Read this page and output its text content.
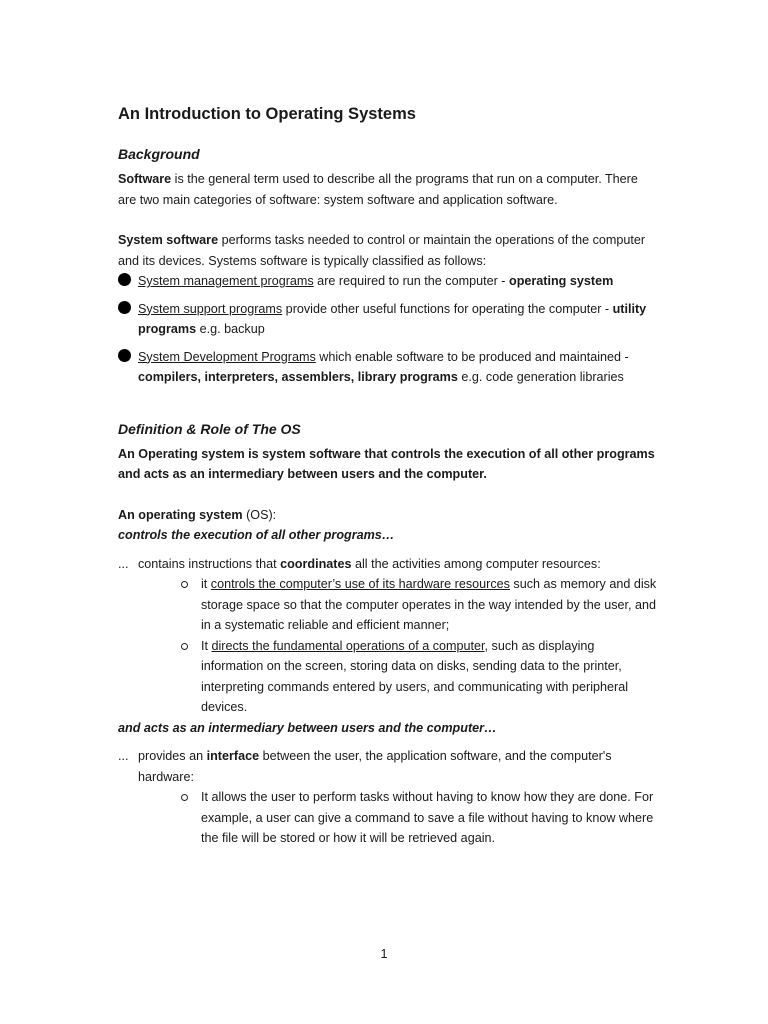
An Introduction to Operating Systems
Background

Software is the general term used to describe all the programs that run on a computer. There are two main categories of software: system software and application software.

System software performs tasks needed to control or maintain the operations of the computer and its devices. Systems software is typically classified as follows:

System management programs are required to run the computer - operating system
System support programs provide other useful functions for operating the computer - utility programs e.g. backup
System Development Programs which enable software to be produced and maintained - compilers, interpreters, assemblers, library programs e.g. code generation libraries
Definition & Role of The OS

An Operating system is system software that controls the execution of all other programs and acts as an intermediary between users and the computer.

An operating system (OS):

controls the execution of all other programs…

... contains instructions that coordinates all the activities among computer resources:
it controls the computer’s use of its hardware resources such as memory and disk storage space so that the computer operates in the way intended by the user, and in a systematic reliable and efficient manner;
It directs the fundamental operations of a computer, such as displaying information on the screen, storing data on disks, sending data to the printer, interpreting commands entered by users, and communicating with peripheral devices.

and acts as an intermediary between users and the computer…

... provides an interface between the user, the application software, and the computer's hardware:
It allows the user to perform tasks without having to know how they are done. For example, a user can give a command to save a file without having to know where the file will be stored or how it will be retrieved again.
1
